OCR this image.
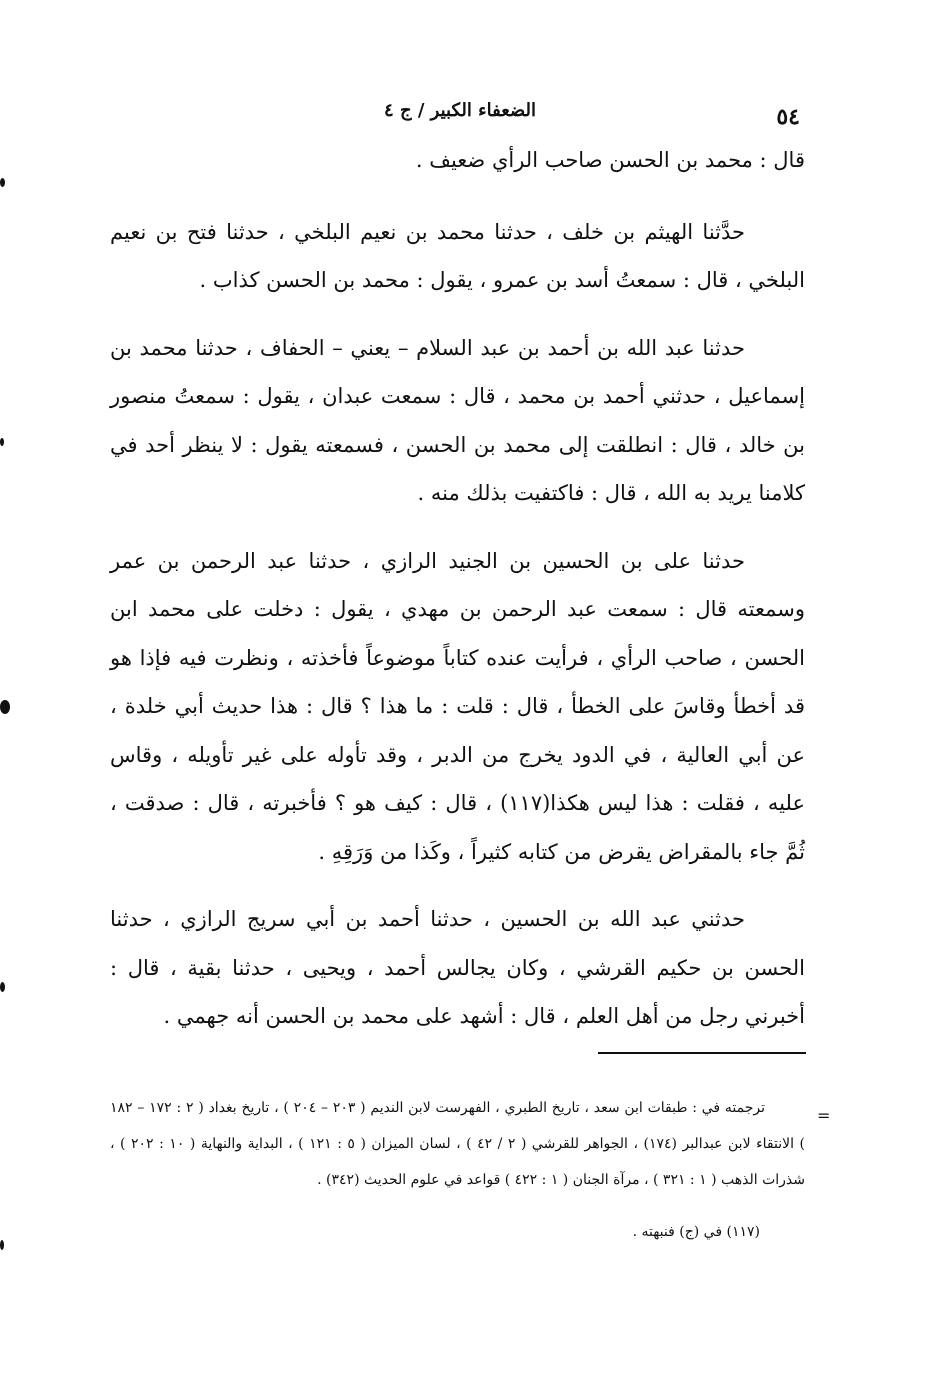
الضعفاء الكبير / ج ٤	٥٤

قال : محمد بن الحسن صاحب الرأي ضعيف .

حدَّثنا الهيثم بن خلف ، حدثنا محمد بن نعيم البلخي ، حدثنا فتح بن نعيم البلخي ، قال : سمعتُ أسد بن عمرو ، يقول : محمد بن الحسن كذاب .

حدثنا عبد الله بن أحمد بن عبد السلام – يعني – الحفاف ، حدثنا محمد بن إسماعيل ، حدثني أحمد بن محمد ، قال : سمعت عبدان ، يقول : سمعتُ منصور بن خالد ، قال : انطلقت إلى محمد بن الحسن ، فسمعته يقول : لا ينظر أحد في كلامنا يريد به الله ، قال : فاكتفيت بذلك منه .

حدثنا على بن الحسين بن الجنيد الرازي ، حدثنا عبد الرحمن بن عمر وسمعته قال : سمعت عبد الرحمن بن مهدي ، يقول : دخلت على محمد ابن الحسن ، صاحب الرأي ، فرأيت عنده كتاباً موضوعاً فأخذته ، ونظرت فيه فإذا هو قد أخطأ وقاسَ على الخطأ ، قال : قلت : ما هذا ؟ قال : هذا حديث أبي خلدة ، عن أبي العالية ، في الدود يخرج من الدبر ، وقد تأوله على غير تأويله ، وقاس عليه ، فقلت : هذا ليس هكذا(١١٧) ، قال : كيف هو ؟ فأخبرته ، قال : صدقت ، ثُمَّ جاء بالمقراض يقرض من كتابه كثيراً ، وكَذا من وَرَقِهِ .

حدثني عبد الله بن الحسين ، حدثنا أحمد بن أبي سريج الرازي ، حدثنا الحسن بن حكيم القرشي ، وكان يجالس أحمد ، ويحيى ، حدثنا بقية ، قال : أخبرني رجل من أهل العلم ، قال : أشهد على محمد بن الحسن أنه جهمي .

=

ترجمته في : طبقات ابن سعد ، تاريخ الطبري ، الفهرست لابن النديم ( ٢٠٣ – ٢٠٤ ) ، تاريخ بغداد ( ٢ : ١٧٢ – ١٨٢ ) الانتقاء لابن عبدالبر (١٧٤) ، الجواهر للقرشي ( ٢ / ٤٢ ) ، لسان الميزان ( ٥ : ١٢١ ) ، البداية والنهاية ( ١٠ : ٢٠٢ ) ، شذرات الذهب ( ١ : ٣٢١ ) ، مرآة الجنان ( ١ : ٤٢٢ ) قواعد في علوم الحديث (٣٤٢) .

(١١٧) في (ج) فنبهته .
